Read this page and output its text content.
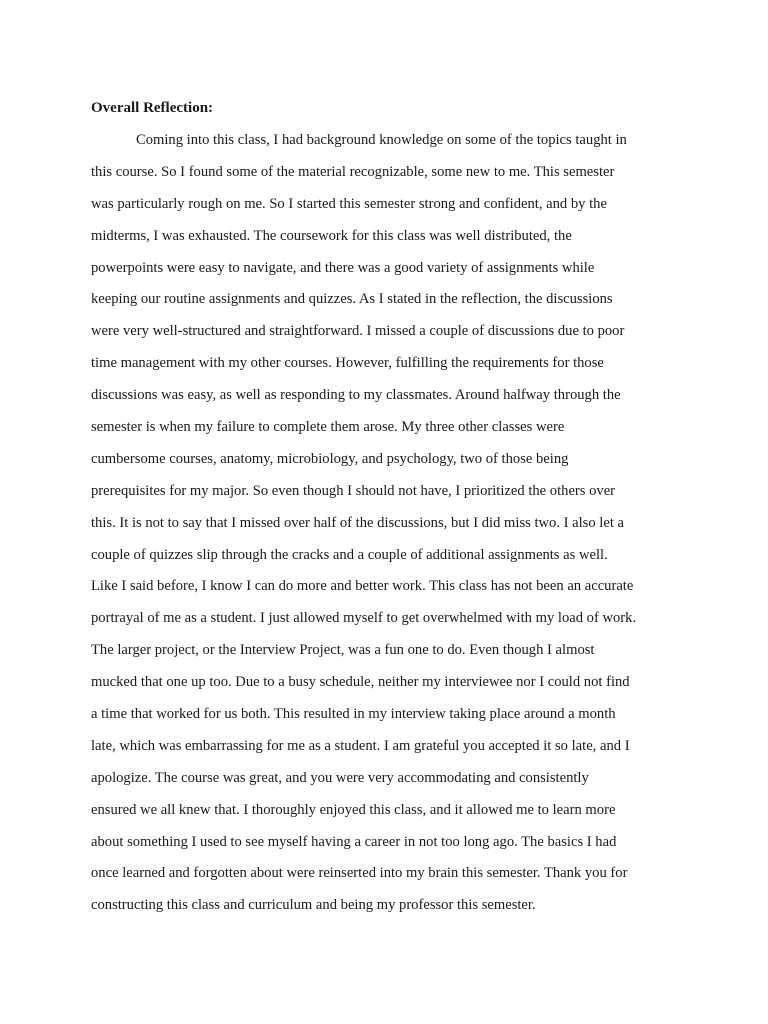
Overall Reflection:
Coming into this class, I had background knowledge on some of the topics taught in
this course. So I found some of the material recognizable, some new to me. This semester
was particularly rough on me. So I started this semester strong and confident, and by the
midterms, I was exhausted. The coursework for this class was well distributed, the
powerpoints were easy to navigate, and there was a good variety of assignments while
keeping our routine assignments and quizzes. As I stated in the reflection, the discussions
were very well-structured and straightforward. I missed a couple of discussions due to poor
time management with my other courses. However, fulfilling the requirements for those
discussions was easy, as well as responding to my classmates. Around halfway through the
semester is when my failure to complete them arose. My three other classes were
cumbersome courses, anatomy, microbiology, and psychology, two of those being
prerequisites for my major. So even though I should not have, I prioritized the others over
this. It is not to say that I missed over half of the discussions, but I did miss two. I also let a
couple of quizzes slip through the cracks and a couple of additional assignments as well.
Like I said before, I know I can do more and better work. This class has not been an accurate
portrayal of me as a student. I just allowed myself to get overwhelmed with my load of work.
The larger project, or the Interview Project, was a fun one to do. Even though I almost
mucked that one up too. Due to a busy schedule, neither my interviewee nor I could not find
a time that worked for us both. This resulted in my interview taking place around a month
late, which was embarrassing for me as a student. I am grateful you accepted it so late, and I
apologize. The course was great, and you were very accommodating and consistently
ensured we all knew that. I thoroughly enjoyed this class, and it allowed me to learn more
about something I used to see myself having a career in not too long ago. The basics I had
once learned and forgotten about were reinserted into my brain this semester. Thank you for
constructing this class and curriculum and being my professor this semester.
